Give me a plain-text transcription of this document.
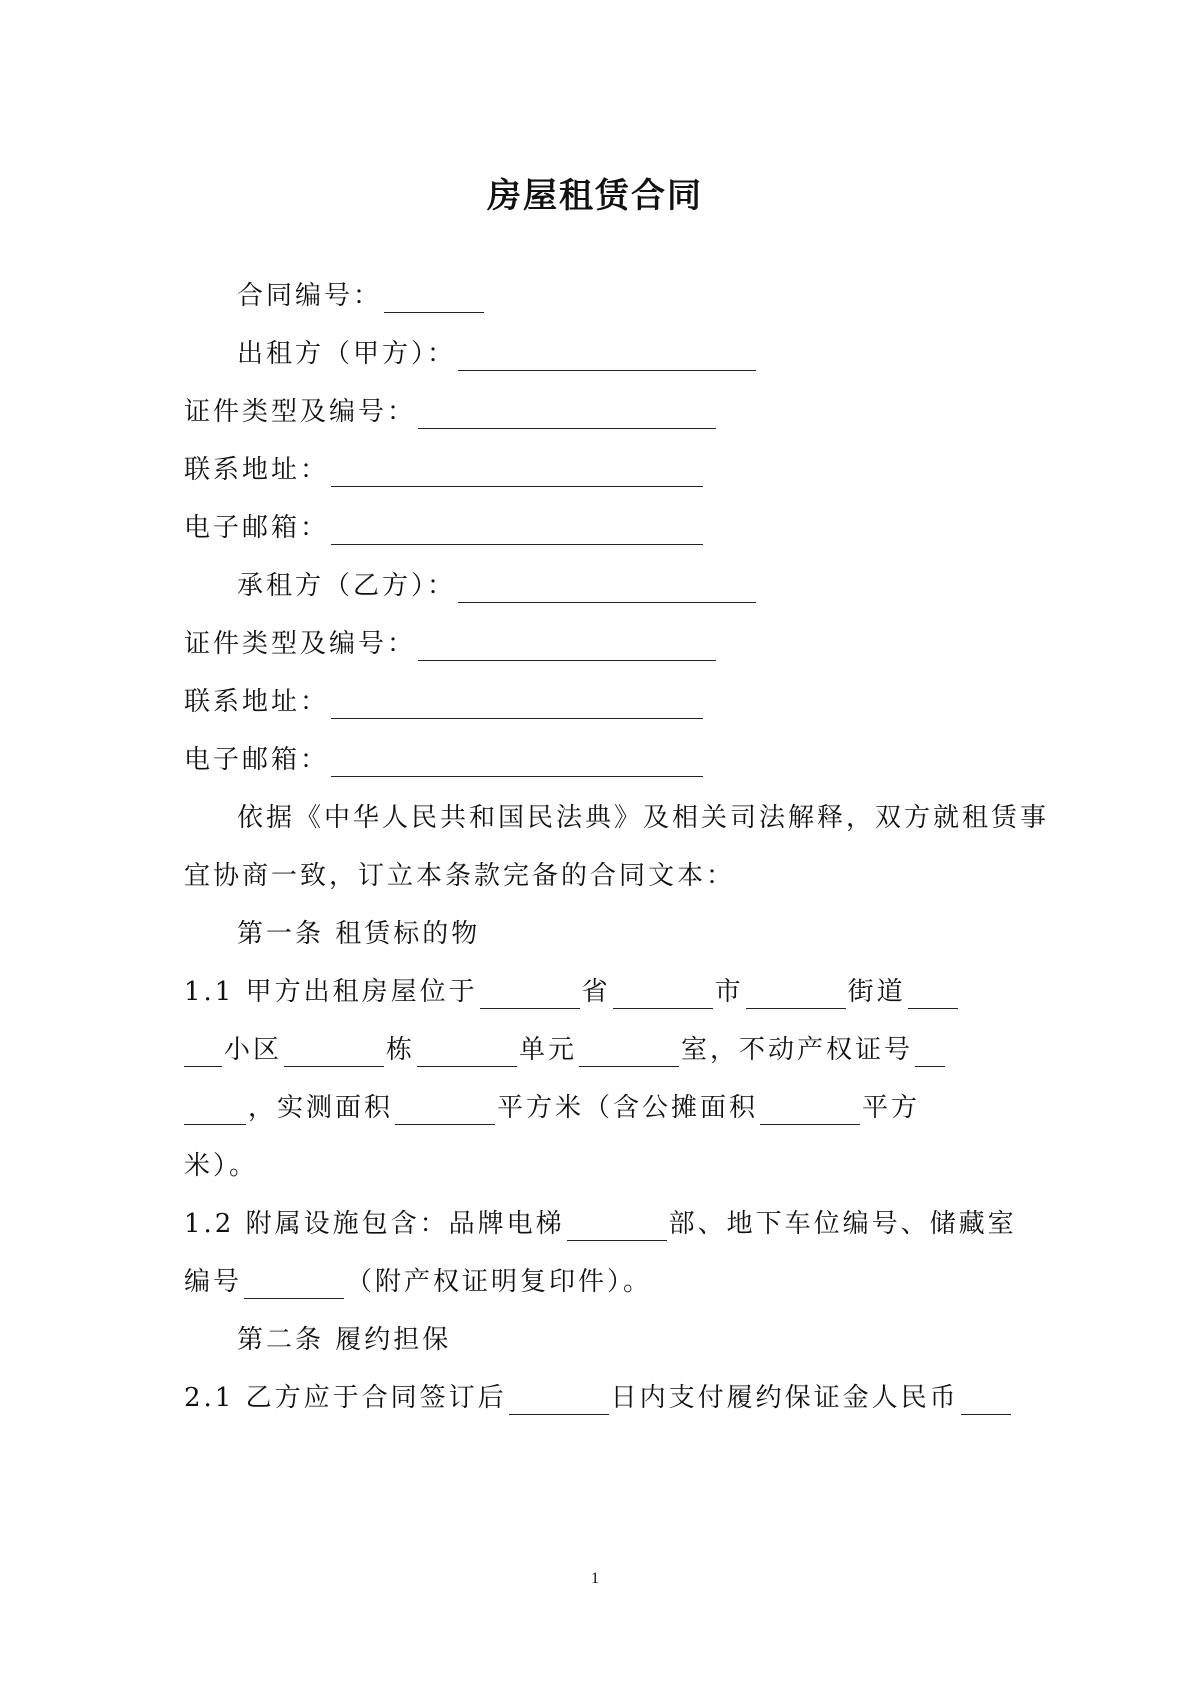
房屋租赁合同
合同编号：
出租方（甲方）：
证件类型及编号：
联系地址：
电子邮箱：
承租方（乙方）：
证件类型及编号：
联系地址：
电子邮箱：
依据《中华人民共和国民法典》及相关司法解释，双方就租赁事
宜协商一致，订立本条款完备的合同文本：
第一条 租赁标的物
1.1 甲方出租房屋位于	省	市	街道
小区	栋	单元	室，不动产权证号
，实测面积	平方米（含公摊面积	平方
米）。
1.2 附属设施包含：品牌电梯	部、地下车位编号、储藏室
编号	（附产权证明复印件）。
第二条 履约担保
2.1 乙方应于合同签订后	日内支付履约保证金人民币
1
